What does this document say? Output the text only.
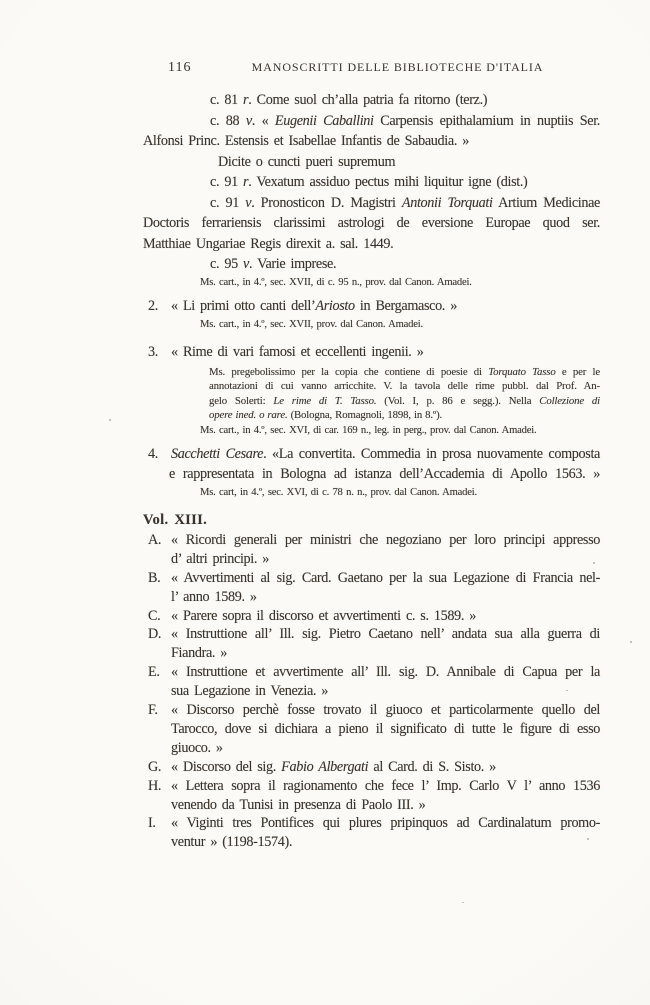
116	MANOSCRITTI DELLE BIBLIOTECHE D'ITALIA
c. 81 r. Come suol ch’alla patria fa ritorno (terz.)
c. 88 v. « Eugenii Caballini Carpensis epithalamium in nuptiis Ser.
Alfonsi Princ. Estensis et Isabellae Infantis de Sabaudia. »
Dicite o cuncti pueri supremum
c. 91 r. Vexatum assiduo pectus mihi liquitur igne (dist.)
c. 91 v. Pronosticon D. Magistri Antonii Torquati Artium Medicinae
Doctoris ferrariensis clarissimi astrologi de eversione Europae quod ser.
Matthiae Ungariae Regis direxit a. sal. 1449.
c. 95 v. Varie imprese.
Ms. cart., in 4.º, sec. XVII, di c. 95 n., prov. dal Canon. Amadei.
2. « Li primi otto canti dell’Ariosto in Bergamasco. »
Ms. cart., in 4.º, sec. XVII, prov. dal Canon. Amadei.
3. « Rime di vari famosi et eccellenti ingenii. »
Ms. pregebolissimo per la copia che contiene di poesie di Torquato Tasso e per le
annotazioni di cui vanno arricchite. V. la tavola delle rime pubbl. dal Prof. An-
gelo Solerti: Le rime di T. Tasso. (Vol. I, p. 86 e segg.). Nella Collezione di
opere ined. o rare. (Bologna, Romagnoli, 1898, in 8.º).
Ms. cart., in 4.º, sec. XVI, di car. 169 n., leg. in perg., prov. dal Canon. Amadei.
4. Sacchetti Cesare. «La convertita. Commedia in prosa nuovamente composta
e rappresentata in Bologna ad istanza dell’Accademia di Apollo 1563. »
Ms. cart, in 4.º, sec. XVI, di c. 78 n. n., prov. dal Canon. Amadei.
Vol. XIII.
A. « Ricordi generali per ministri che negoziano per loro principi appresso
d’ altri principi. »
B. « Avvertimenti al sig. Card. Gaetano per la sua Legazione di Francia nel-
l’ anno 1589. »
C. « Parere sopra il discorso et avvertimenti c. s. 1589. »
D. « Instruttione all’ Ill. sig. Pietro Caetano nell’ andata sua alla guerra di
Fiandra. »
E. « Instruttione et avvertimente all’ Ill. sig. D. Annibale di Capua per la
sua Legazione in Venezia. »
F. « Discorso perchè fosse trovato il giuoco et particolarmente quello del
Tarocco, dove si dichiara a pieno il significato di tutte le figure di esso
giuoco. »
G. « Discorso del sig. Fabio Albergati al Card. di S. Sisto. »
H. « Lettera sopra il ragionamento che fece l’ Imp. Carlo V l’ anno 1536
venendo da Tunisi in presenza di Paolo III. »
I. « Viginti tres Pontifices qui plures pripinquos ad Cardinalatum promo-
ventur » (1198-1574).
